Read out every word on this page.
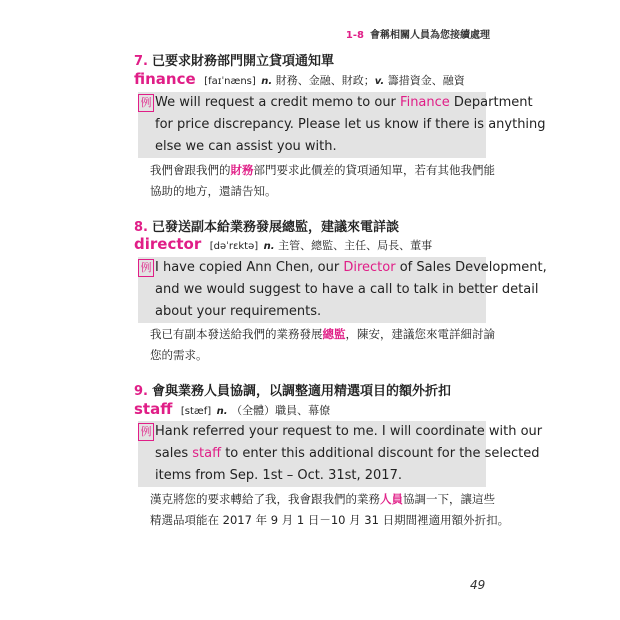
1-8 會稱相關人員為您接續處理
7. 已要求財務部門開立貸項通知單
finance [faɪˈnæns] n. 財務、金融、財政；v. 籌措資金、融資
例 We will request a credit memo to our Finance Department
for price discrepancy. Please let us know if there is anything
else we can assist you with.
我們會跟我們的財務部門要求此價差的貸項通知單，若有其他我們能
協助的地方，還請告知。
8. 已發送副本給業務發展總監，建議來電詳談
director [dəˈrɛktə] n. 主管、總監、主任、局長、董事
例 I have copied Ann Chen, our Director of Sales Development,
and we would suggest to have a call to talk in better detail
about your requirements.
我已有副本發送給我們的業務發展總監，陳安，建議您來電詳細討論
您的需求。
9. 會與業務人員協調，以調整適用精選項目的額外折扣
staff [stæf] n. （全體）職員、幕僚
例 Hank referred your request to me. I will coordinate with our
sales staff to enter this additional discount for the selected
items from Sep. 1st – Oct. 31st, 2017.
漢克將您的要求轉給了我，我會跟我們的業務人員協調一下，讓這些
精選品項能在 2017 年 9 月 1 日－10 月 31 日期間裡適用額外折扣。
49
